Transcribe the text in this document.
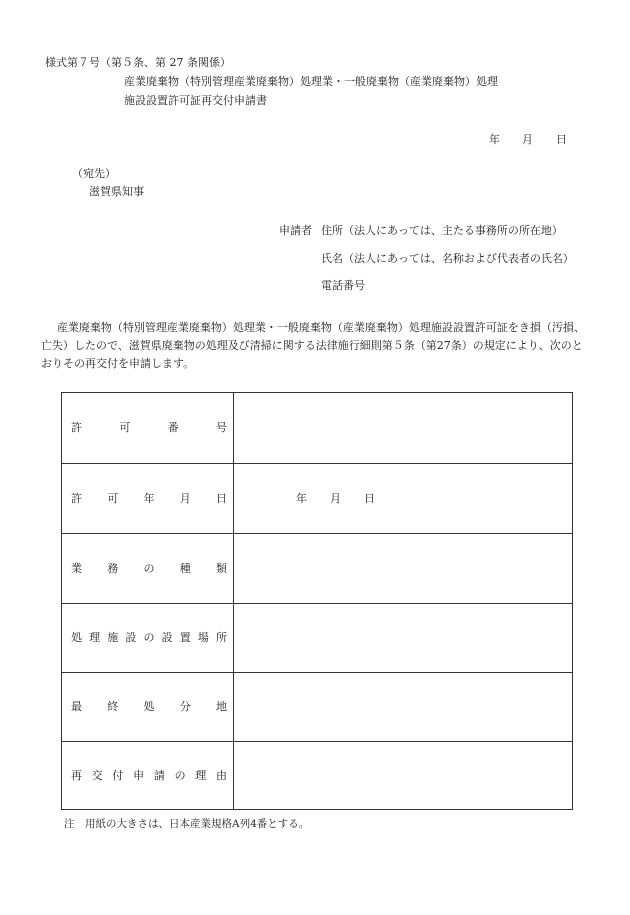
様式第７号（第５条、第 27 条関係）
産業廃棄物（特別管理産業廃棄物）処理業・一般廃棄物（産業廃棄物）処理
施設設置許可証再交付申請書
年 月 日
（宛先）
滋賀県知事
申請者 住所（法人にあっては、主たる事務所の所在地）
氏名（法人にあっては、名称および代表者の氏名）
電話番号
産業廃棄物（特別管理産業廃棄物）処理業・一般廃棄物（産業廃棄物）処理施設設置許可証をき損（汚損、亡失）したので、滋賀県廃棄物の処理及び清掃に関する法律施行細則第５条（第27条）の規定により、次のとおりその再交付を申請します。
許可番号
許可年月日	年 月 日
業務の種類
処理施設の設置場所
最終処分地
再交付申請の理由
注　用紙の大きさは、日本産業規格A列4番とする。
